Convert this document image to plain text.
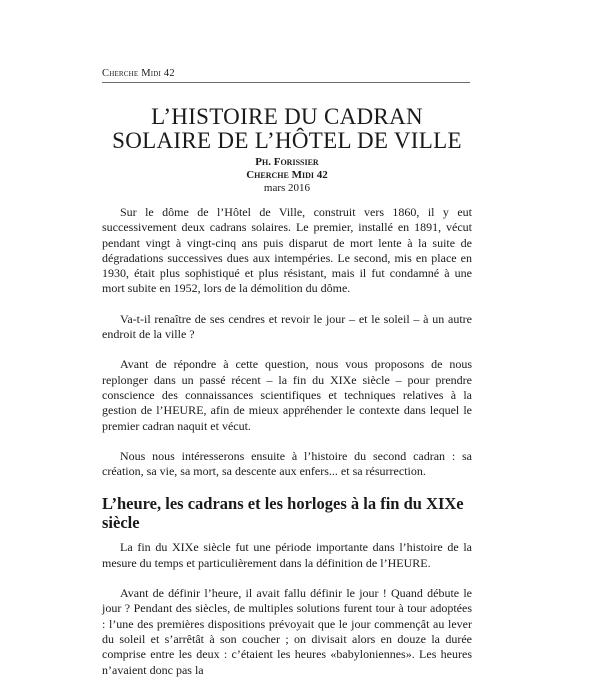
Cherche Midi 42
L’HISTOIRE DU CADRAN
SOLAIRE DE L’HÔTEL DE VILLE
Ph. Forissier
Cherche Midi 42
mars 2016

Sur le dôme de l’Hôtel de Ville, construit vers 1860, il y eut successivement deux cadrans solaires. Le premier, installé en 1891, vécut pendant vingt à vingt-cinq ans puis disparut de mort lente à la suite de dégradations successives dues aux intempéries. Le second, mis en place en 1930, était plus sophistiqué et plus résistant, mais il fut condamné à une mort subite en 1952, lors de la démolition du dôme.

Va-t-il renaître de ses cendres et revoir le jour – et le soleil – à un autre endroit de la ville ?

Avant de répondre à cette question, nous vous proposons de nous replonger dans un passé récent – la fin du XIXe siècle – pour prendre conscience des connaissances scientifiques et techniques relatives à la gestion de l’HEURE, afin de mieux appréhender le contexte dans lequel le premier cadran naquit et vécut.

Nous nous intéresserons ensuite à l’histoire du second cadran : sa création, sa vie, sa mort, sa descente aux enfers... et sa résurrection.

L’heure, les cadrans et les horloges à la fin du XIXe siècle

La fin du XIXe siècle fut une période importante dans l’histoire de la mesure du temps et particulièrement dans la définition de l’HEURE.

Avant de définir l’heure, il avait fallu définir le jour ! Quand débute le jour ? Pendant des siècles, de multiples solutions furent tour à tour adoptées : l’une des premières dispositions prévoyait que le jour commençât au lever du soleil et s’arrêtât à son coucher ; on divisait alors en douze la durée comprise entre les deux : c’étaient les heures «babyloniennes». Les heures n’avaient donc pas la
